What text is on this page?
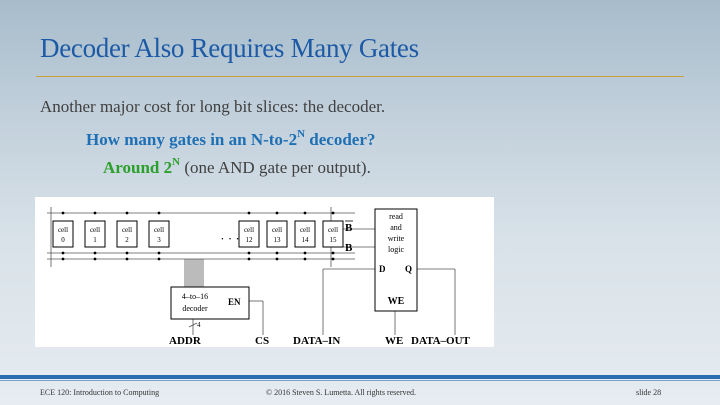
Decoder Also Requires Many Gates
Another major cost for long bit slices: the decoder.
How many gates in an $N-to-2^N$ decoder?
Around $2^N$ (one AND gate per output).
cell
0
cell
1
cell
2
cell
3
cell
12
cell
13
cell
14
cell
15
· · ·
B
B
read
and
write
logic
D Q
WE
4–to–16
decoder
EN
4
ADDR	CS DATA–IN	WE DATA–OUT
ECE 120: Introduction to Computing	© 2016 Steven S. Lumetta. All rights reserved.	slide 28
